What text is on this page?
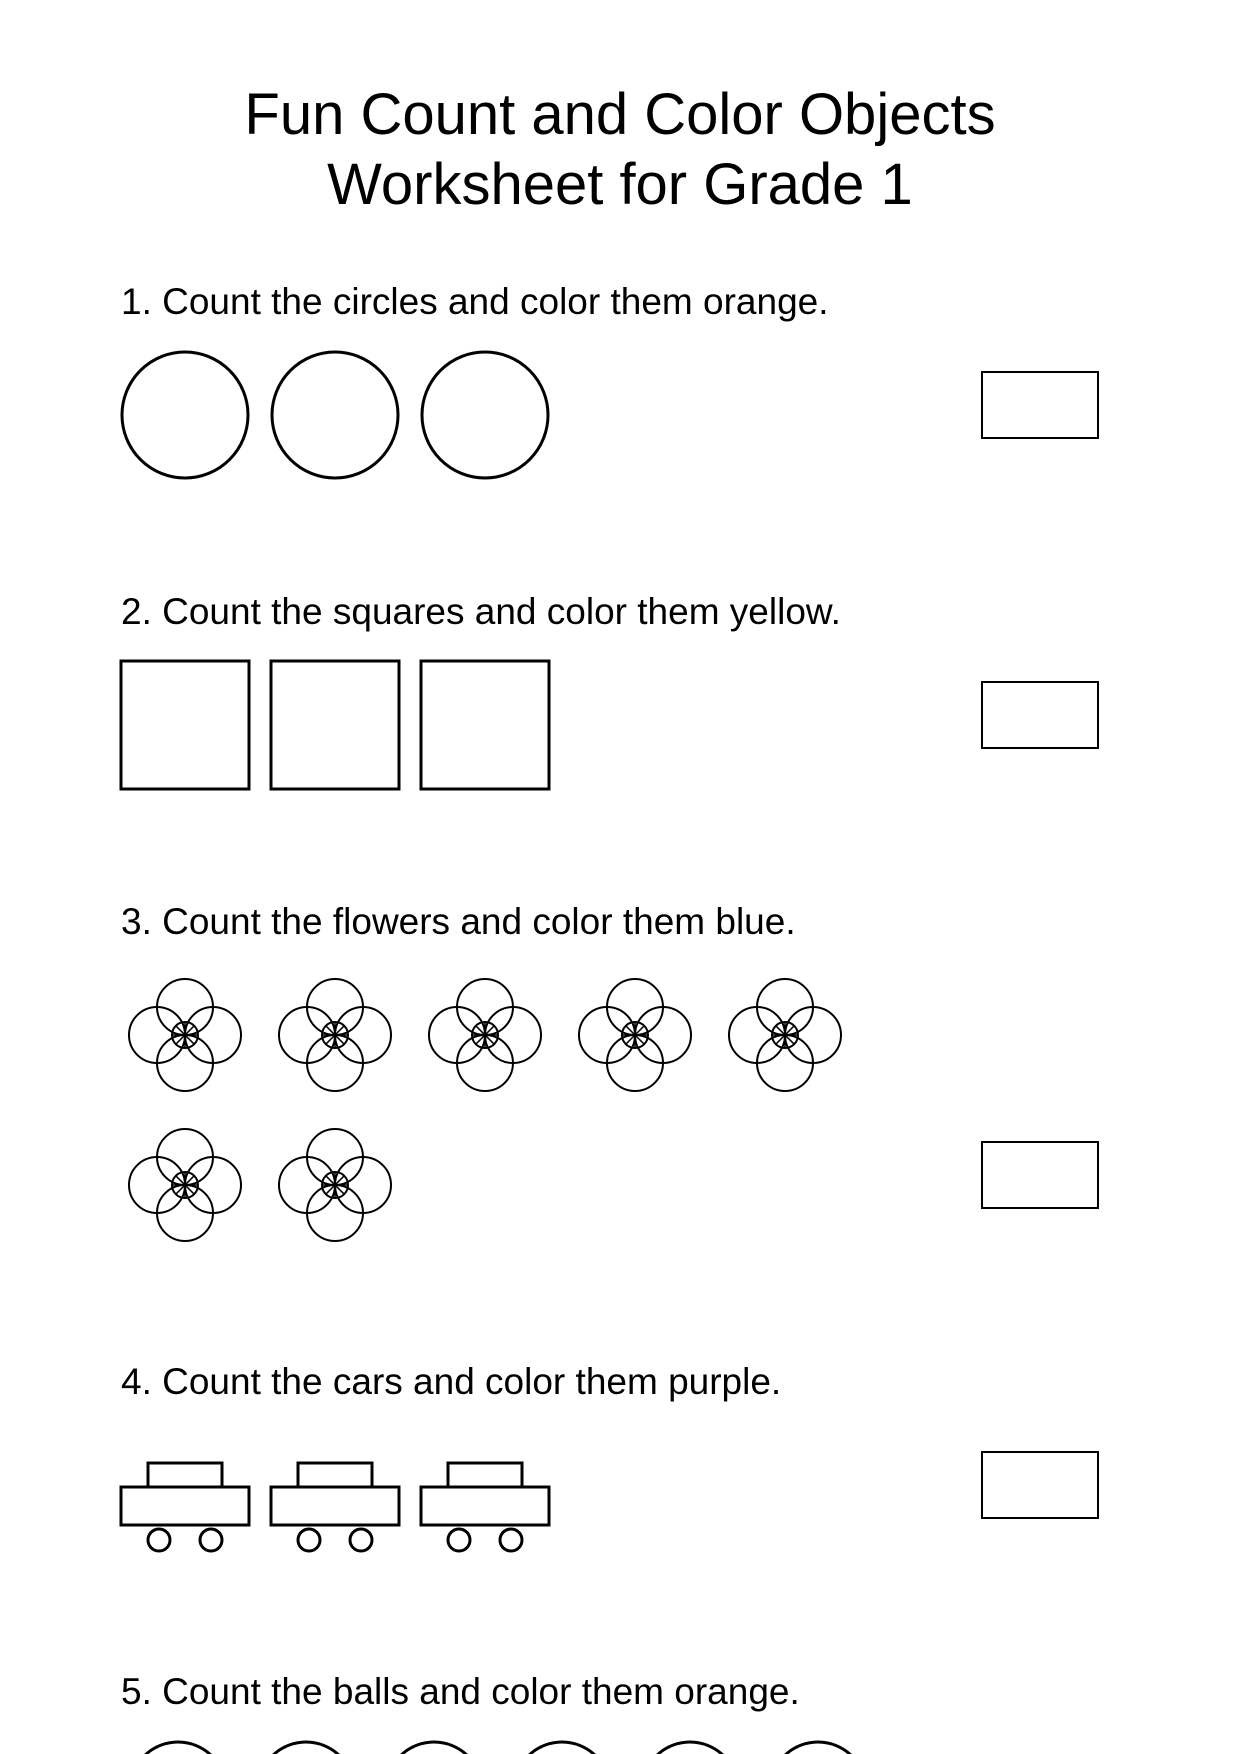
Fun Count and Color Objects
Worksheet for Grade 1
1. Count the circles and color them orange.
2. Count the squares and color them yellow.
3. Count the flowers and color them blue.
4. Count the cars and color them purple.
5. Count the balls and color them orange.
